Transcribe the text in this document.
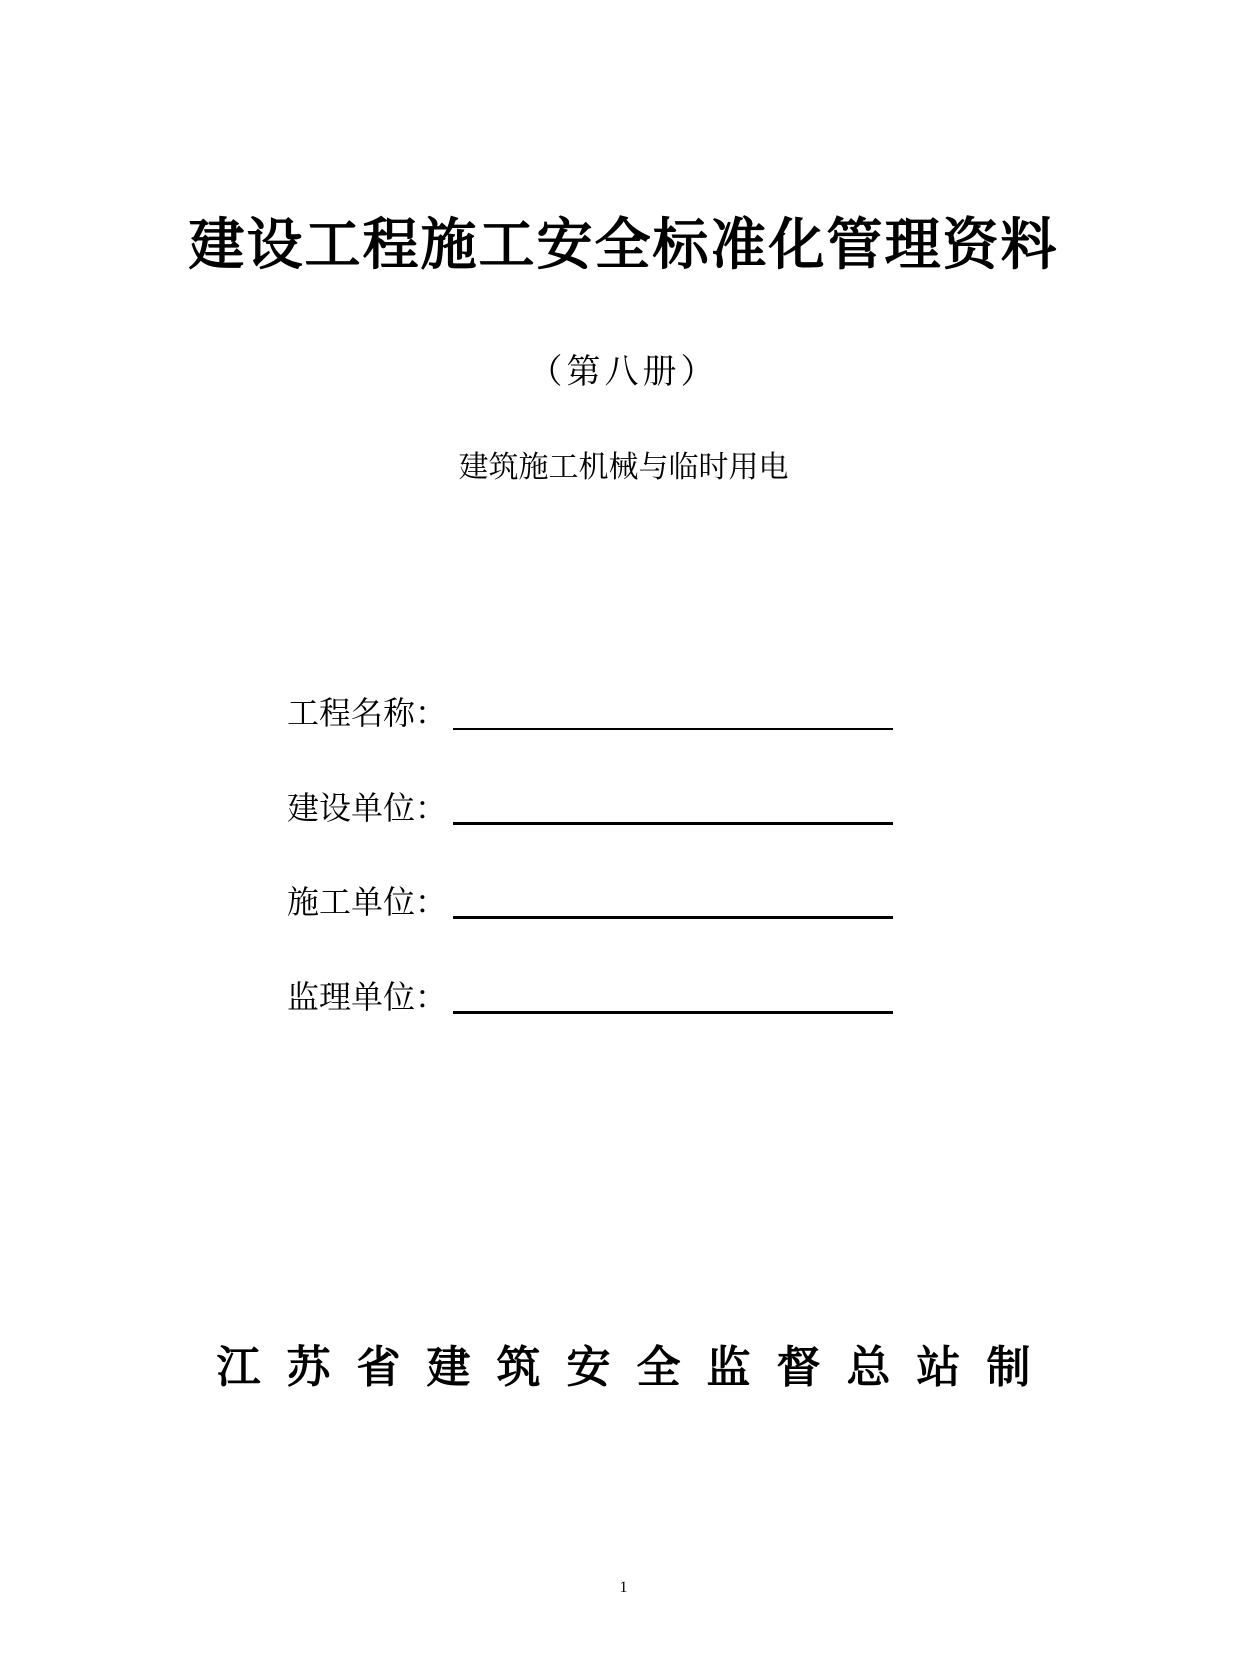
建设工程施工安全标准化管理资料
（第八册）
建筑施工机械与临时用电
工程名称：
建设单位：
施工单位：
监理单位：
江苏省建筑安全监督总站制
1
